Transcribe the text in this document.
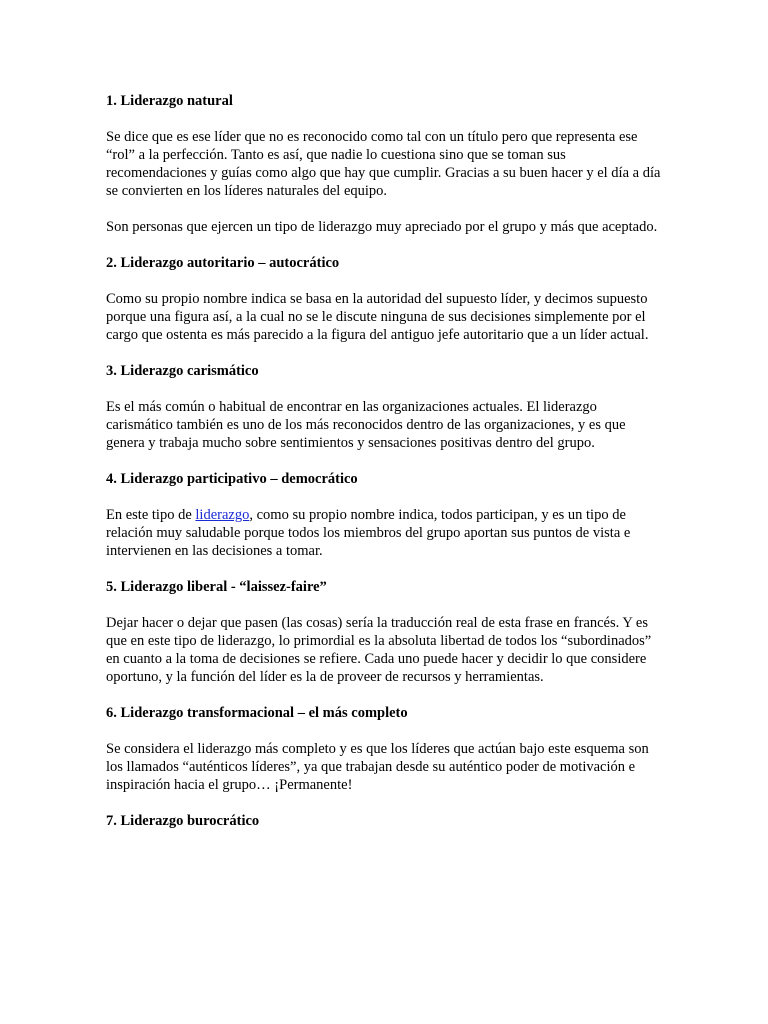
1. Liderazgo natural

Se dice que es ese líder que no es reconocido como tal con un título pero que representa ese “rol” a la perfección. Tanto es así, que nadie lo cuestiona sino que se toman sus recomendaciones y guías como algo que hay que cumplir. Gracias a su buen hacer y el día a día se convierten en los líderes naturales del equipo.

Son personas que ejercen un tipo de liderazgo muy apreciado por el grupo y más que aceptado.

2. Liderazgo autoritario – autocrático

Como su propio nombre indica se basa en la autoridad del supuesto líder, y decimos supuesto porque una figura así, a la cual no se le discute ninguna de sus decisiones simplemente por el cargo que ostenta es más parecido a la figura del antiguo jefe autoritario que a un líder actual.

3. Liderazgo carismático

Es el más común o habitual de encontrar en las organizaciones actuales. El liderazgo carismático también es uno de los más reconocidos dentro de las organizaciones, y es que genera y trabaja mucho sobre sentimientos y sensaciones positivas dentro del grupo.

4. Liderazgo participativo – democrático

En este tipo de liderazgo, como su propio nombre indica, todos participan, y es un tipo de relación muy saludable porque todos los miembros del grupo aportan sus puntos de vista e intervienen en las decisiones a tomar.

5. Liderazgo liberal - “laissez-faire”

Dejar hacer o dejar que pasen (las cosas) sería la traducción real de esta frase en francés. Y es que en este tipo de liderazgo, lo primordial es la absoluta libertad de todos los “subordinados” en cuanto a la toma de decisiones se refiere. Cada uno puede hacer y decidir lo que considere oportuno, y la función del líder es la de proveer de recursos y herramientas.

6. Liderazgo transformacional – el más completo

Se considera el liderazgo más completo y es que los líderes que actúan bajo este esquema son los llamados “auténticos líderes”, ya que trabajan desde su auténtico poder de motivación e inspiración hacia el grupo… ¡Permanente!

7. Liderazgo burocrático
